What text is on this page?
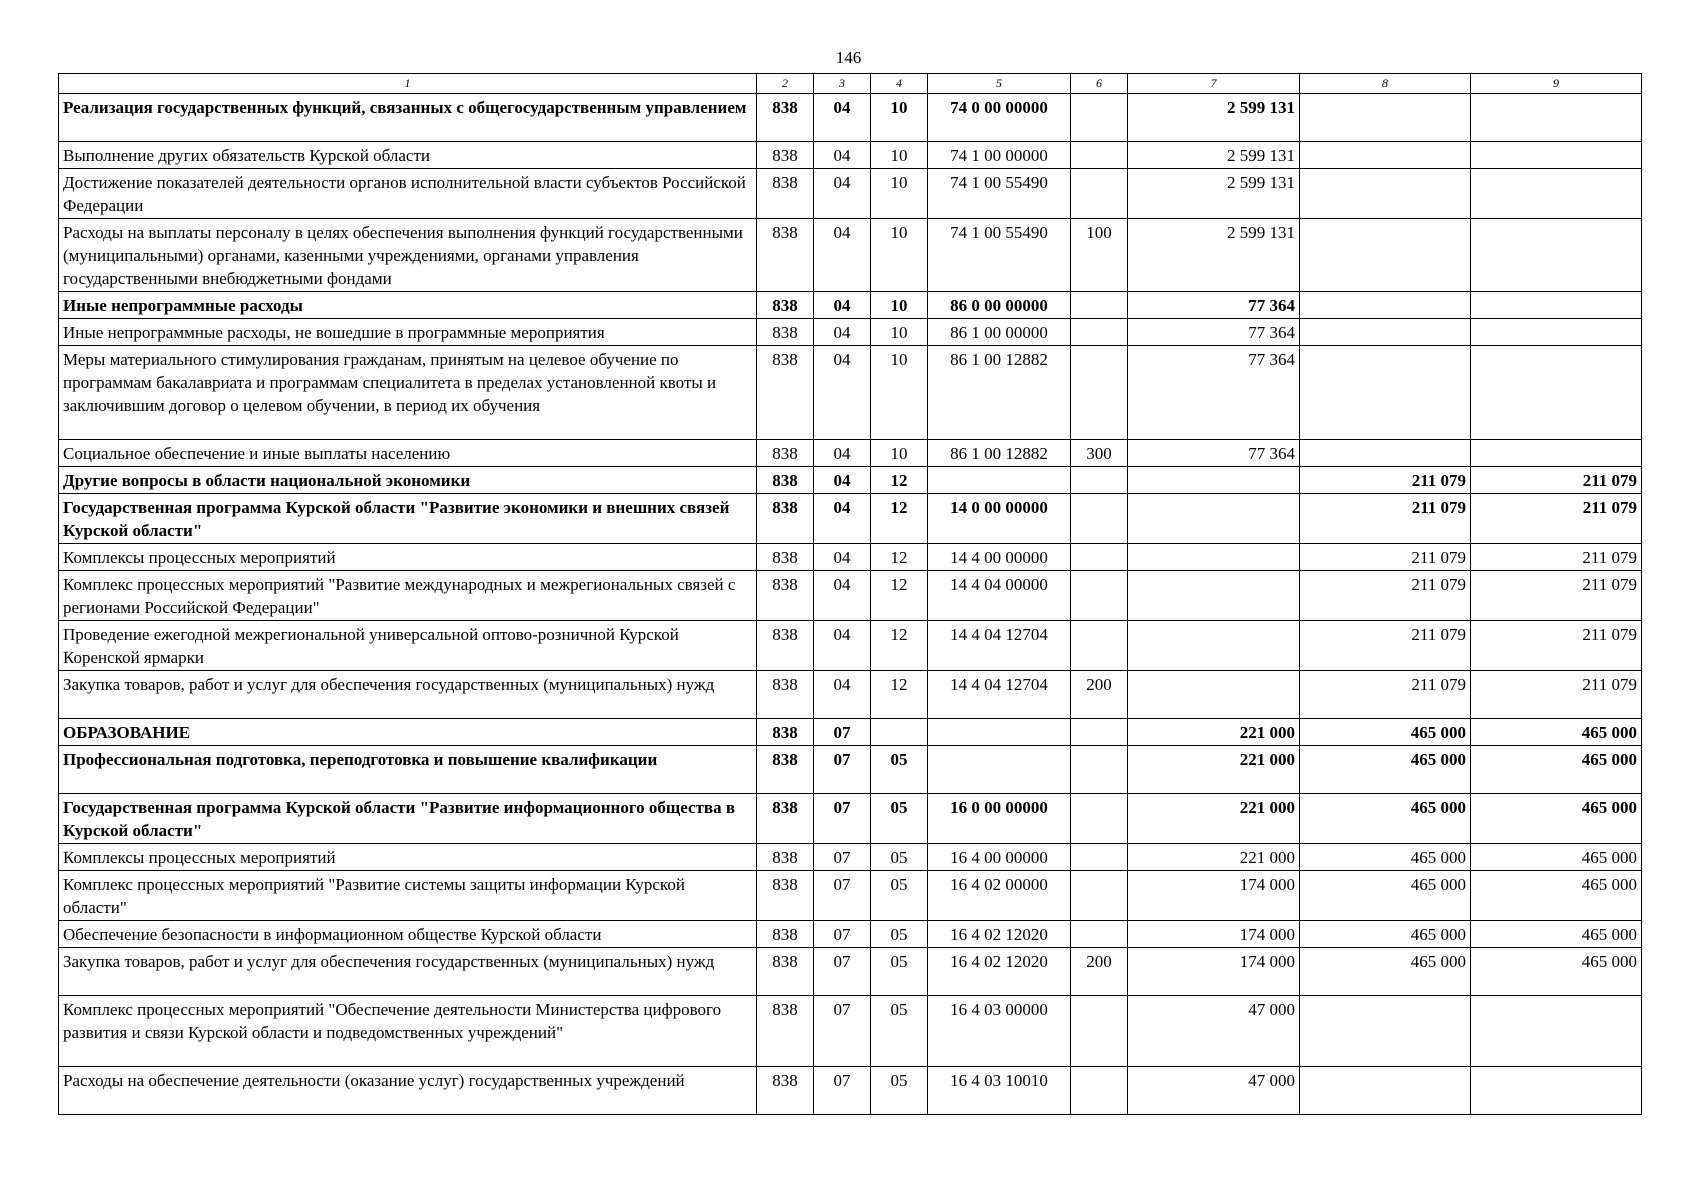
146
1	2	3	4	5	6	7	8	9
Реализация государственных функций, связанных с общегосударственным управлением	838	04	10	74 0 00 00000		2 599 131		
Выполнение других обязательств Курской области	838	04	10	74 1 00 00000		2 599 131		
Достижение показателей деятельности органов исполнительной власти субъектов Российской Федерации	838	04	10	74 1 00 55490		2 599 131		
Расходы на выплаты персоналу в целях обеспечения выполнения функций государственными (муниципальными) органами, казенными учреждениями, органами управления государственными внебюджетными фондами	838	04	10	74 1 00 55490	100	2 599 131		
Иные непрограммные расходы	838	04	10	86 0 00 00000		77 364		
Иные непрограммные расходы, не вошедшие в программные мероприятия	838	04	10	86 1 00 00000		77 364		
Меры материального стимулирования гражданам, принятым на целевое обучение по программам бакалавриата и программам специалитета в пределах установленной квоты и заключившим договор о целевом обучении, в период их обучения	838	04	10	86 1 00 12882		77 364		
Социальное обеспечение и иные выплаты населению	838	04	10	86 1 00 12882	300	77 364		
Другие вопросы в области национальной экономики	838	04	12				211 079	211 079
Государственная программа Курской области "Развитие экономики и внешних связей Курской области"	838	04	12	14 0 00 00000			211 079	211 079
Комплексы процессных мероприятий	838	04	12	14 4 00 00000			211 079	211 079
Комплекс процессных мероприятий "Развитие международных и межрегиональных связей с регионами Российской Федерации"	838	04	12	14 4 04 00000			211 079	211 079
Проведение ежегодной межрегиональной универсальной оптово-розничной Курской Коренской ярмарки	838	04	12	14 4 04 12704			211 079	211 079
Закупка товаров, работ и услуг для обеспечения государственных (муниципальных) нужд	838	04	12	14 4 04 12704	200		211 079	211 079
ОБРАЗОВАНИЕ	838	07				221 000	465 000	465 000
Профессиональная подготовка, переподготовка и повышение квалификации	838	07	05			221 000	465 000	465 000
Государственная программа Курской области "Развитие информационного общества в Курской области"	838	07	05	16 0 00 00000		221 000	465 000	465 000
Комплексы процессных мероприятий	838	07	05	16 4 00 00000		221 000	465 000	465 000
Комплекс процессных мероприятий "Развитие системы защиты информации Курской области"	838	07	05	16 4 02 00000		174 000	465 000	465 000
Обеспечение безопасности в информационном обществе Курской области	838	07	05	16 4 02 12020		174 000	465 000	465 000
Закупка товаров, работ и услуг для обеспечения государственных (муниципальных) нужд	838	07	05	16 4 02 12020	200	174 000	465 000	465 000
Комплекс процессных мероприятий "Обеспечение деятельности Министерства цифрового развития и связи Курской области и подведомственных учреждений"	838	07	05	16 4 03 00000		47 000		
Расходы на обеспечение деятельности (оказание услуг) государственных учреждений	838	07	05	16 4 03 10010		47 000		
